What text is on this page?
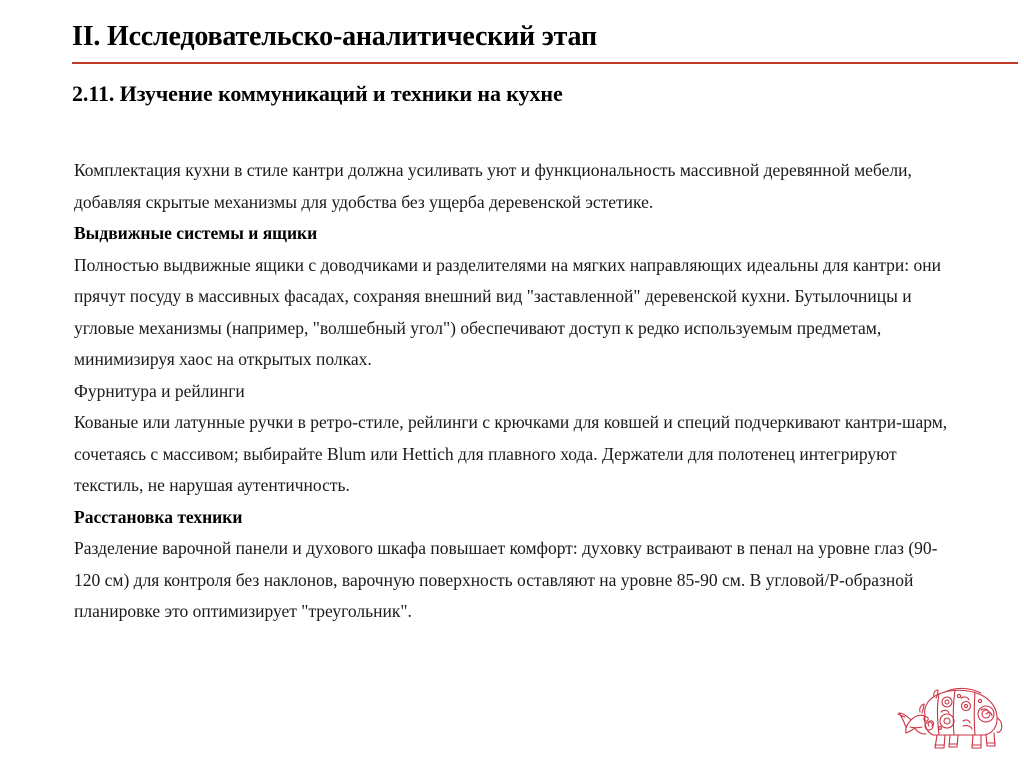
II. Исследовательско-аналитический этап
2.11. Изучение коммуникаций и техники на кухне

Комплектация кухни в стиле кантри должна усиливать уют и функциональность массивной деревянной мебели, добавляя скрытые механизмы для удобства без ущерба деревенской эстетике.

Выдвижные системы и ящики

Полностью выдвижные ящики с доводчиками и разделителями на мягких направляющих идеальны для кантри: они прячут посуду в массивных фасадах, сохраняя внешний вид "заставленной" деревенской кухни. Бутылочницы и угловые механизмы (например, "волшебный угол") обеспечивают доступ к редко используемым предметам, минимизируя хаос на открытых полках.

Фурнитура и рейлинги

Кованые или латунные ручки в ретро-стиле, рейлинги с крючками для ковшей и специй подчеркивают кантри-шарм, сочетаясь с массивом; выбирайте Blum или Hettich для плавного хода. Держатели для полотенец интегрируют текстиль, не нарушая аутентичность.

Расстановка техники

Разделение варочной панели и духового шкафа повышает комфорт: духовку встраивают в пенал на уровне глаз (90-120 см) для контроля без наклонов, варочную поверхность оставляют на уровне 85-90 см. В угловой/Р-образной планировке это оптимизирует "треугольник".
